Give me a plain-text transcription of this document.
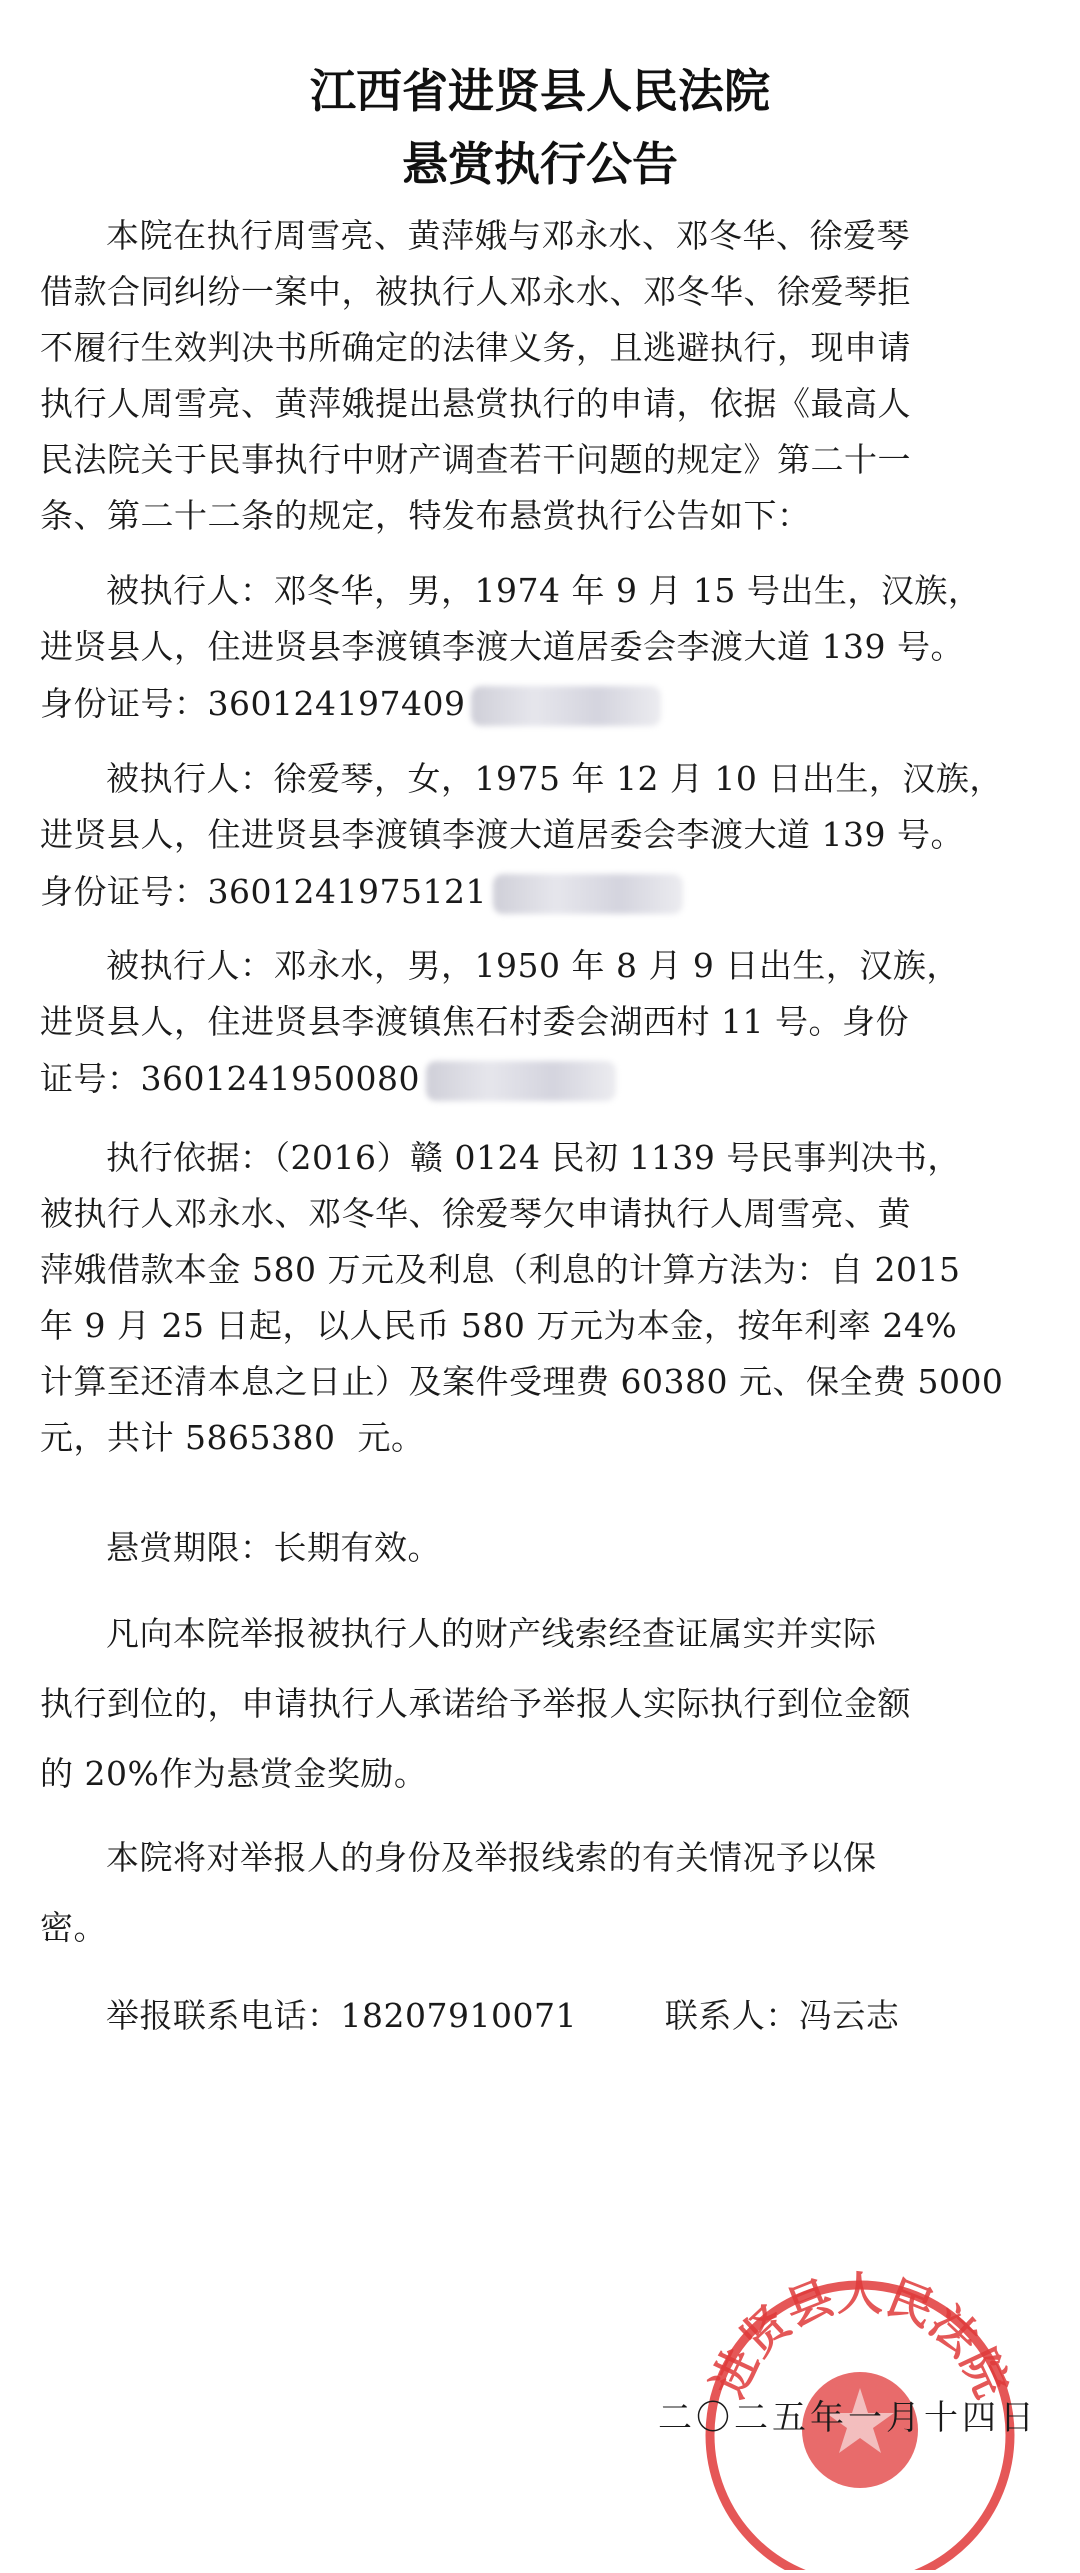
江西省进贤县人民法院
悬赏执行公告
本院在执行周雪亮、黄萍娥与邓永水、邓冬华、徐爱琴
借款合同纠纷一案中，被执行人邓永水、邓冬华、徐爱琴拒
不履行生效判决书所确定的法律义务，且逃避执行，现申请
执行人周雪亮、黄萍娥提出悬赏执行的申请，依据《最高人
民法院关于民事执行中财产调查若干问题的规定》第二十一
条、第二十二条的规定，特发布悬赏执行公告如下：
被执行人：邓冬华，男，1974 年 9 月 15 号出生，汉族，
进贤县人，住进贤县李渡镇李渡大道居委会李渡大道 139 号。
身份证号：360124197409
被执行人：徐爱琴，女，1975 年 12 月 10 日出生，汉族，
进贤县人，住进贤县李渡镇李渡大道居委会李渡大道 139 号。
身份证号：3601241975121
被执行人：邓永水，男，1950 年 8 月 9 日出生，汉族，
进贤县人，住进贤县李渡镇焦石村委会湖西村 11 号。身份
证号：3601241950080
执行依据：（2016）赣 0124 民初 1139 号民事判决书，
被执行人邓永水、邓冬华、徐爱琴欠申请执行人周雪亮、黄
萍娥借款本金 580 万元及利息（利息的计算方法为：自 2015
年 9 月 25 日起，以人民币 580 万元为本金，按年利率 24%
计算至还清本息之日止）及案件受理费 60380 元、保全费 5000
元，共计 5865380  元。
悬赏期限：长期有效。
凡向本院举报被执行人的财产线索经查证属实并实际
执行到位的，申请执行人承诺给予举报人实际执行到位金额
的 20%作为悬赏金奖励。
本院将对举报人的身份及举报线索的有关情况予以保
密。
举报联系电话：18207910071        联系人：冯云志
进贤县人民法院
二〇二五年一月十四日
